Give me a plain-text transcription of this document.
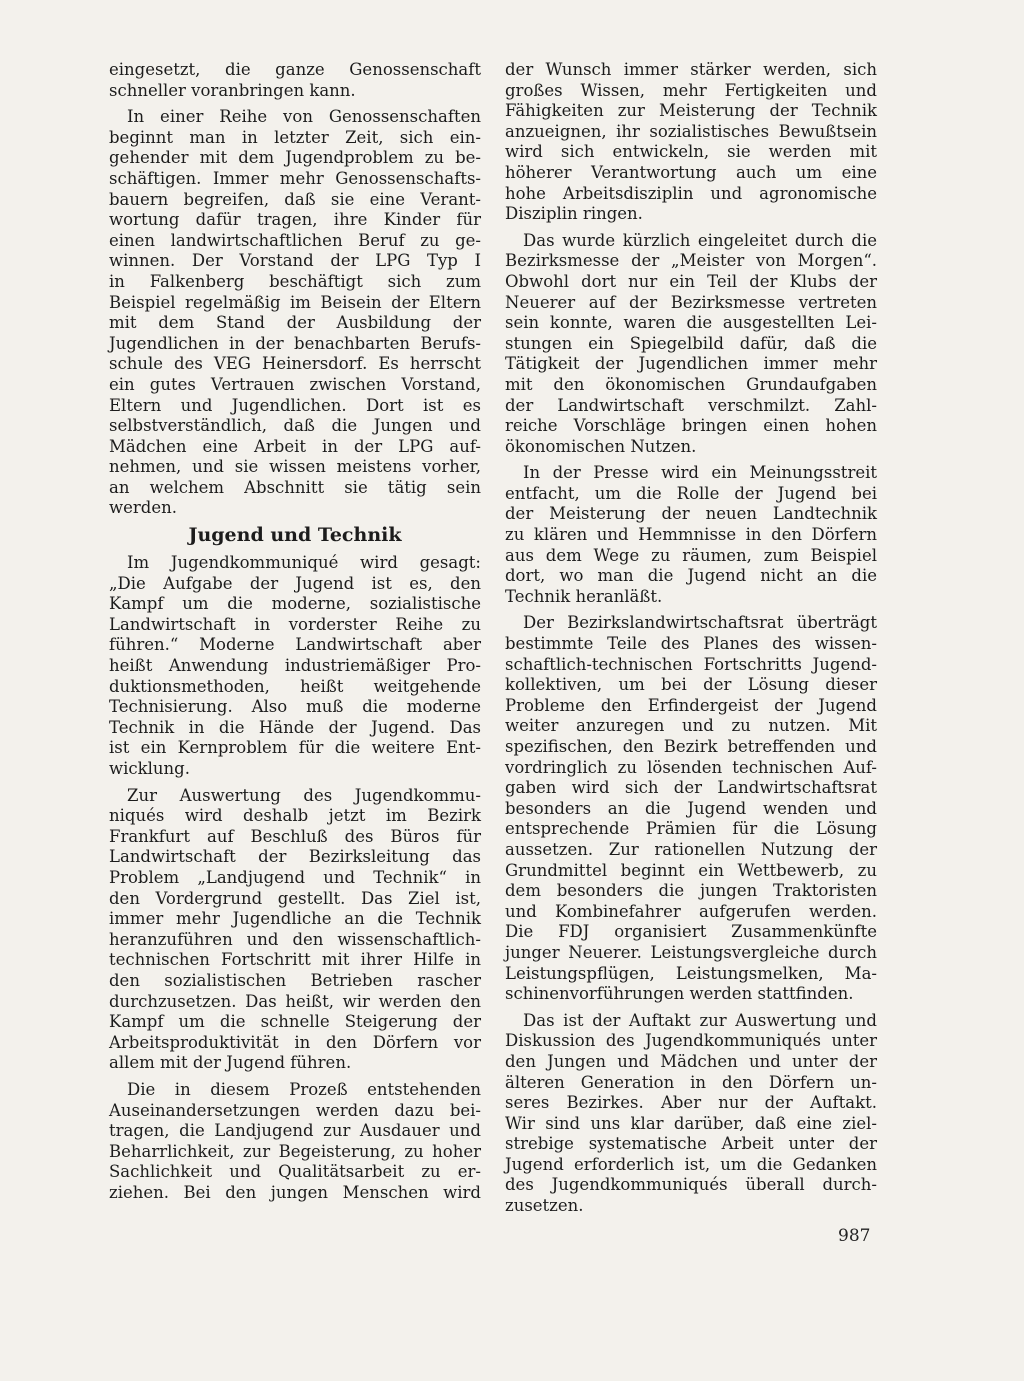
eingesetzt, die ganze Genossenschaft
schneller voranbringen kann.
In einer Reihe von Genossenschaften
beginnt man in letzter Zeit, sich ein-
gehender mit dem Jugendproblem zu be-
schäftigen. Immer mehr Genossenschafts-
bauern begreifen, daß sie eine Verant-
wortung dafür tragen, ihre Kinder für
einen landwirtschaftlichen Beruf zu ge-
winnen. Der Vorstand der LPG Typ I
in Falkenberg beschäftigt sich zum
Beispiel regelmäßig im Beisein der Eltern
mit dem Stand der Ausbildung der
Jugendlichen in der benachbarten Berufs-
schule des VEG Heinersdorf. Es herrscht
ein gutes Vertrauen zwischen Vorstand,
Eltern und Jugendlichen. Dort ist es
selbstverständlich, daß die Jungen und
Mädchen eine Arbeit in der LPG auf-
nehmen, und sie wissen meistens vorher,
an welchem Abschnitt sie tätig sein
werden.
Jugend und Technik
Im Jugendkommuniqué wird gesagt:
„Die Aufgabe der Jugend ist es, den
Kampf um die moderne, sozialistische
Landwirtschaft in vorderster Reihe zu
führen.“ Moderne Landwirtschaft aber
heißt Anwendung industriemäßiger Pro-
duktionsmethoden, heißt weitgehende
Technisierung. Also muß die moderne
Technik in die Hände der Jugend. Das
ist ein Kernproblem für die weitere Ent-
wicklung.
Zur Auswertung des Jugendkommu-
niqués wird deshalb jetzt im Bezirk
Frankfurt auf Beschluß des Büros für
Landwirtschaft der Bezirksleitung das
Problem „Landjugend und Technik“ in
den Vordergrund gestellt. Das Ziel ist,
immer mehr Jugendliche an die Technik
heranzuführen und den wissenschaftlich-
technischen Fortschritt mit ihrer Hilfe in
den sozialistischen Betrieben rascher
durchzusetzen. Das heißt, wir werden den
Kampf um die schnelle Steigerung der
Arbeitsproduktivität in den Dörfern vor
allem mit der Jugend führen.
Die in diesem Prozeß entstehenden
Auseinandersetzungen werden dazu bei-
tragen, die Landjugend zur Ausdauer und
Beharrlichkeit, zur Begeisterung, zu hoher
Sachlichkeit und Qualitätsarbeit zu er-
ziehen. Bei den jungen Menschen wird
der Wunsch immer stärker werden, sich
großes Wissen, mehr Fertigkeiten und
Fähigkeiten zur Meisterung der Technik
anzueignen, ihr sozialistisches Bewußtsein
wird sich entwickeln, sie werden mit
höherer Verantwortung auch um eine
hohe Arbeitsdisziplin und agronomische
Disziplin ringen.
Das wurde kürzlich eingeleitet durch die
Bezirksmesse der „Meister von Morgen“.
Obwohl dort nur ein Teil der Klubs der
Neuerer auf der Bezirksmesse vertreten
sein konnte, waren die ausgestellten Lei-
stungen ein Spiegelbild dafür, daß die
Tätigkeit der Jugendlichen immer mehr
mit den ökonomischen Grundaufgaben
der Landwirtschaft verschmilzt. Zahl-
reiche Vorschläge bringen einen hohen
ökonomischen Nutzen.
In der Presse wird ein Meinungsstreit
entfacht, um die Rolle der Jugend bei
der Meisterung der neuen Landtechnik
zu klären und Hemmnisse in den Dörfern
aus dem Wege zu räumen, zum Beispiel
dort, wo man die Jugend nicht an die
Technik heranläßt.
Der Bezirkslandwirtschaftsrat überträgt
bestimmte Teile des Planes des wissen-
schaftlich-technischen Fortschritts Jugend-
kollektiven, um bei der Lösung dieser
Probleme den Erfindergeist der Jugend
weiter anzuregen und zu nutzen. Mit
spezifischen, den Bezirk betreffenden und
vordringlich zu lösenden technischen Auf-
gaben wird sich der Landwirtschaftsrat
besonders an die Jugend wenden und
entsprechende Prämien für die Lösung
aussetzen. Zur rationellen Nutzung der
Grundmittel beginnt ein Wettbewerb, zu
dem besonders die jungen Traktoristen
und Kombinefahrer aufgerufen werden.
Die FDJ organisiert Zusammenkünfte
junger Neuerer. Leistungsvergleiche durch
Leistungspflügen, Leistungsmelken, Ma-
schinenvorführungen werden stattfinden.
Das ist der Auftakt zur Auswertung und
Diskussion des Jugendkommuniqués unter
den Jungen und Mädchen und unter der
älteren Generation in den Dörfern un-
seres Bezirkes. Aber nur der Auftakt.
Wir sind uns klar darüber, daß eine ziel-
strebige systematische Arbeit unter der
Jugend erforderlich ist, um die Gedanken
des Jugendkommuniqués überall durch-
zusetzen.
987
